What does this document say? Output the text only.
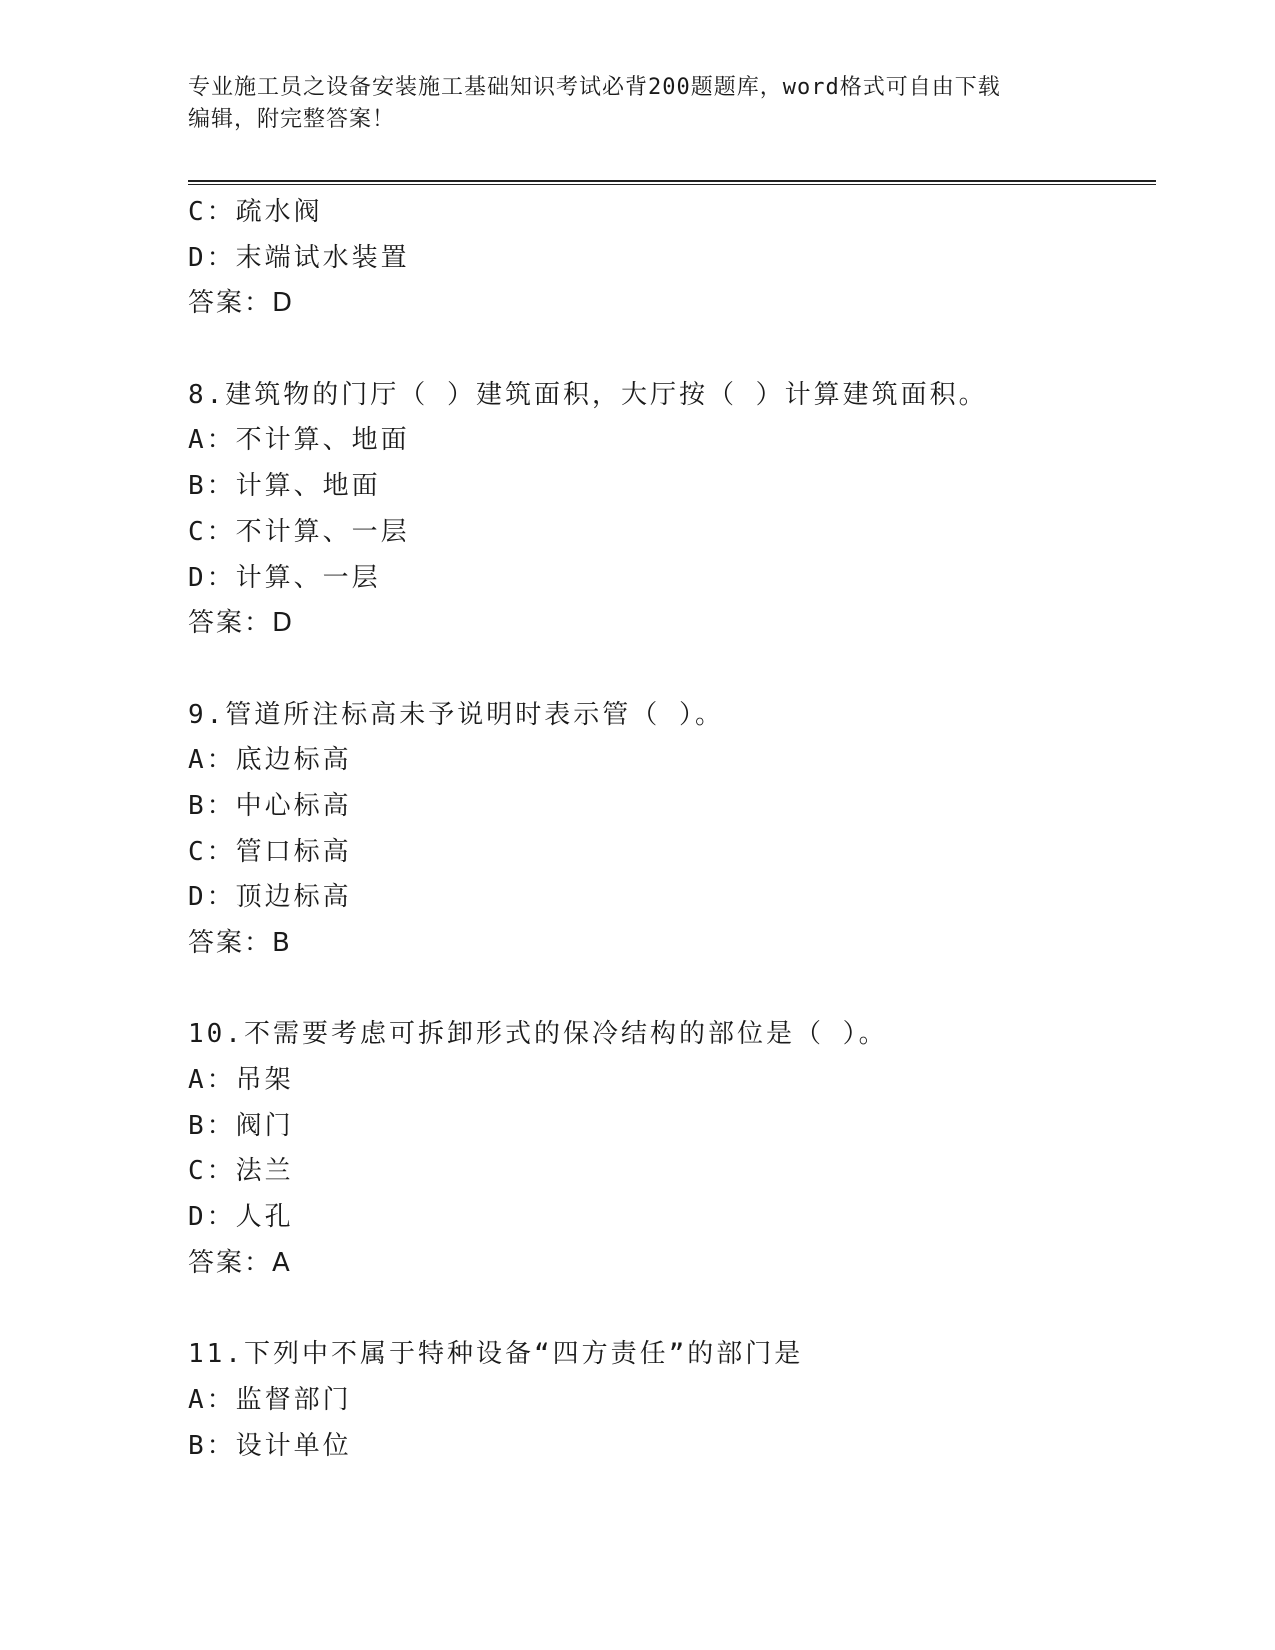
专业施工员之设备安装施工基础知识考试必背200题题库，word格式可自由下载
编辑，附完整答案！
C：疏水阀
D：末端试水装置
答案：D
8.建筑物的门厅（ ）建筑面积，大厅按（ ）计算建筑面积。
A：不计算、地面
B：计算、地面
C：不计算、一层
D：计算、一层
答案：D
9.管道所注标高未予说明时表示管（ ）。
A：底边标高
B：中心标高
C：管口标高
D：顶边标高
答案：B
10.不需要考虑可拆卸形式的保冷结构的部位是（ ）。
A：吊架
B：阀门
C：法兰
D：人孔
答案：A
11.下列中不属于特种设备“四方责任”的部门是
A：监督部门
B：设计单位
